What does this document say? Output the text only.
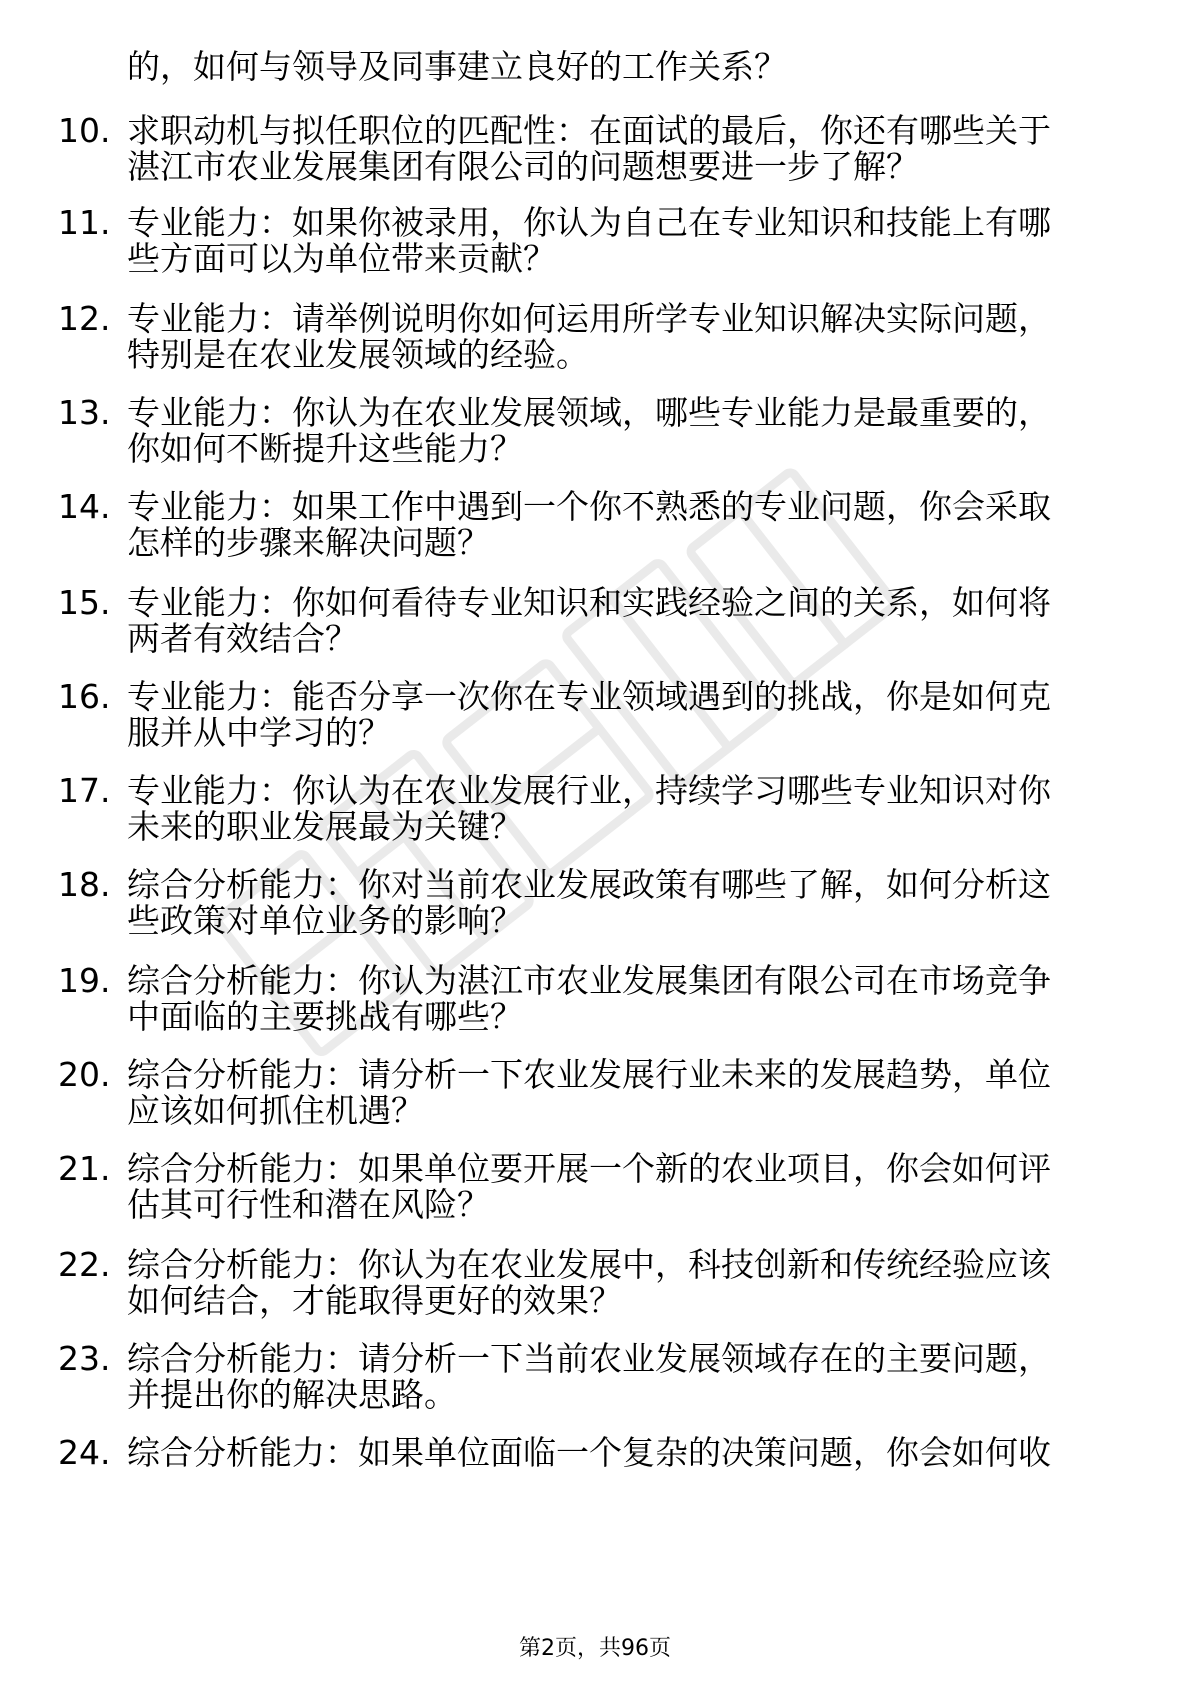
的，如何与领导及同事建立良好的工作关系？
10. 求职动机与拟任职位的匹配性：在面试的最后，你还有哪些关于
湛江市农业发展集团有限公司的问题想要进一步了解？
11. 专业能力：如果你被录用，你认为自己在专业知识和技能上有哪
些方面可以为单位带来贡献？
12. 专业能力：请举例说明你如何运用所学专业知识解决实际问题，
特别是在农业发展领域的经验。
13. 专业能力：你认为在农业发展领域，哪些专业能力是最重要的，
你如何不断提升这些能力？
14. 专业能力：如果工作中遇到一个你不熟悉的专业问题，你会采取
怎样的步骤来解决问题？
15. 专业能力：你如何看待专业知识和实践经验之间的关系，如何将
两者有效结合？
16. 专业能力：能否分享一次你在专业领域遇到的挑战，你是如何克
服并从中学习的？
17. 专业能力：你认为在农业发展行业，持续学习哪些专业知识对你
未来的职业发展最为关键？
18. 综合分析能力：你对当前农业发展政策有哪些了解，如何分析这
些政策对单位业务的影响？
19. 综合分析能力：你认为湛江市农业发展集团有限公司在市场竞争
中面临的主要挑战有哪些？
20. 综合分析能力：请分析一下农业发展行业未来的发展趋势，单位
应该如何抓住机遇？
21. 综合分析能力：如果单位要开展一个新的农业项目，你会如何评
估其可行性和潜在风险？
22. 综合分析能力：你认为在农业发展中，科技创新和传统经验应该
如何结合，才能取得更好的效果？
23. 综合分析能力：请分析一下当前农业发展领域存在的主要问题，
并提出你的解决思路。
24. 综合分析能力：如果单位面临一个复杂的决策问题，你会如何收
第2页，共96页
